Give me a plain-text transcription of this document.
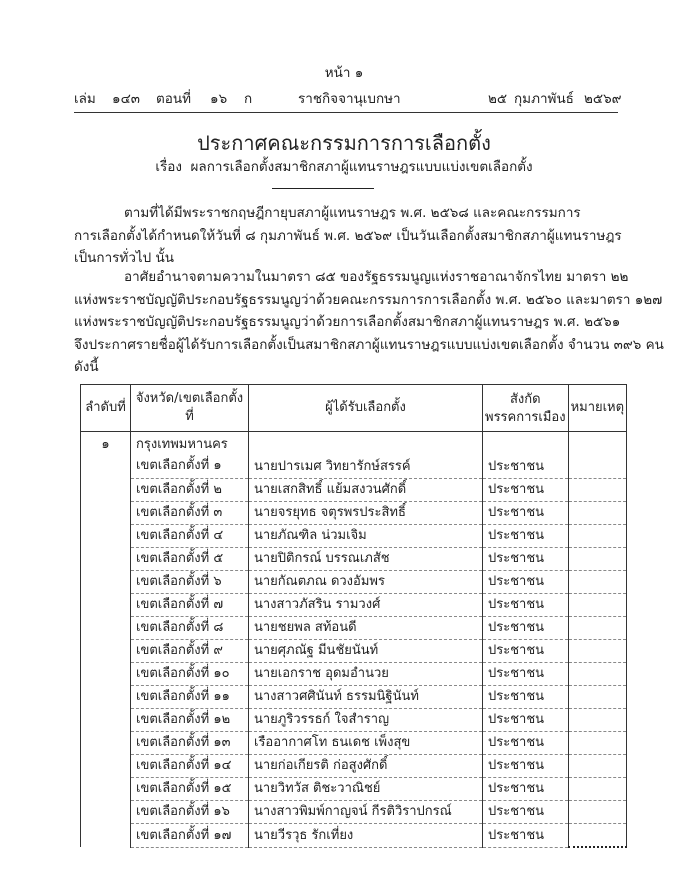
หน้า ๑
เล่ม ๑๔๓ ตอนที่ ๑๖ ก	ราชกิจจานุเบกษา	๒๕ กุมภาพันธ์ ๒๕๖๙
ประกาศคณะกรรมการการเลือกตั้ง
เรื่อง ผลการเลือกตั้งสมาชิกสภาผู้แทนราษฎรแบบแบ่งเขตเลือกตั้ง
ตามที่ได้มีพระราชกฤษฎีกายุบสภาผู้แทนราษฎร พ.ศ. ๒๕๖๘ และคณะกรรมการ
การเลือกตั้งได้กำหนดให้วันที่ ๘ กุมภาพันธ์ พ.ศ. ๒๕๖๙ เป็นวันเลือกตั้งสมาชิกสภาผู้แทนราษฎร
เป็นการทั่วไป นั้น
อาศัยอำนาจตามความในมาตรา ๘๕ ของรัฐธรรมนูญแห่งราชอาณาจักรไทย มาตรา ๒๒
แห่งพระราชบัญญัติประกอบรัฐธรรมนูญว่าด้วยคณะกรรมการการเลือกตั้ง พ.ศ. ๒๕๖๐ และมาตรา ๑๒๗
แห่งพระราชบัญญัติประกอบรัฐธรรมนูญว่าด้วยการเลือกตั้งสมาชิกสภาผู้แทนราษฎร พ.ศ. ๒๕๖๑
จึงประกาศรายชื่อผู้ได้รับการเลือกตั้งเป็นสมาชิกสภาผู้แทนราษฎรแบบแบ่งเขตเลือกตั้ง จำนวน ๓๙๖ คน
ดังนี้
ลำดับที่	จังหวัด/เขตเลือกตั้งที่	ผู้ได้รับเลือกตั้ง	สังกัด
พรรคการเมือง	หมายเหตุ
๑	กรุงเทพมหานคร
เขตเลือกตั้งที่ ๑	นายปารเมศ วิทยารักษ์สรรค์	ประชาชน	
	เขตเลือกตั้งที่ ๒	นายเสกสิทธิ์ แย้มสงวนศักดิ์	ประชาชน	
	เขตเลือกตั้งที่ ๓	นายจรยุทธ จตุรพรประสิทธิ์	ประชาชน	
	เขตเลือกตั้งที่ ๔	นายภัณฑิล น่วมเจิม	ประชาชน	
	เขตเลือกตั้งที่ ๕	นายปิติกรณ์ บรรณเภสัช	ประชาชน	
	เขตเลือกตั้งที่ ๖	นายกัณตภณ ดวงอัมพร	ประชาชน	
	เขตเลือกตั้งที่ ๗	นางสาวภัสริน รามวงศ์	ประชาชน	
	เขตเลือกตั้งที่ ๘	นายชยพล สท้อนดี	ประชาชน	
	เขตเลือกตั้งที่ ๙	นายศุภณัฐ มีนชัยนันท์	ประชาชน	
	เขตเลือกตั้งที่ ๑๐	นายเอกราช อุดมอำนวย	ประชาชน	
	เขตเลือกตั้งที่ ๑๑	นางสาวศศินันท์ ธรรมนิฐินันท์	ประชาชน	
	เขตเลือกตั้งที่ ๑๒	นายภูริวรรธก์ ใจสำราญ	ประชาชน	
	เขตเลือกตั้งที่ ๑๓	เรืออากาศโท ธนเดช เพ็งสุข	ประชาชน	
	เขตเลือกตั้งที่ ๑๔	นายก่อเกียรติ ก่อสูงศักดิ์	ประชาชน	
	เขตเลือกตั้งที่ ๑๕	นายวิทวัส ติชะวาณิชย์	ประชาชน	
	เขตเลือกตั้งที่ ๑๖	นางสาวพิมพ์กาญจน์ กีรติวิราปกรณ์	ประชาชน	
	เขตเลือกตั้งที่ ๑๗	นายวีรวุธ รักเที่ยง	ประชาชน	
